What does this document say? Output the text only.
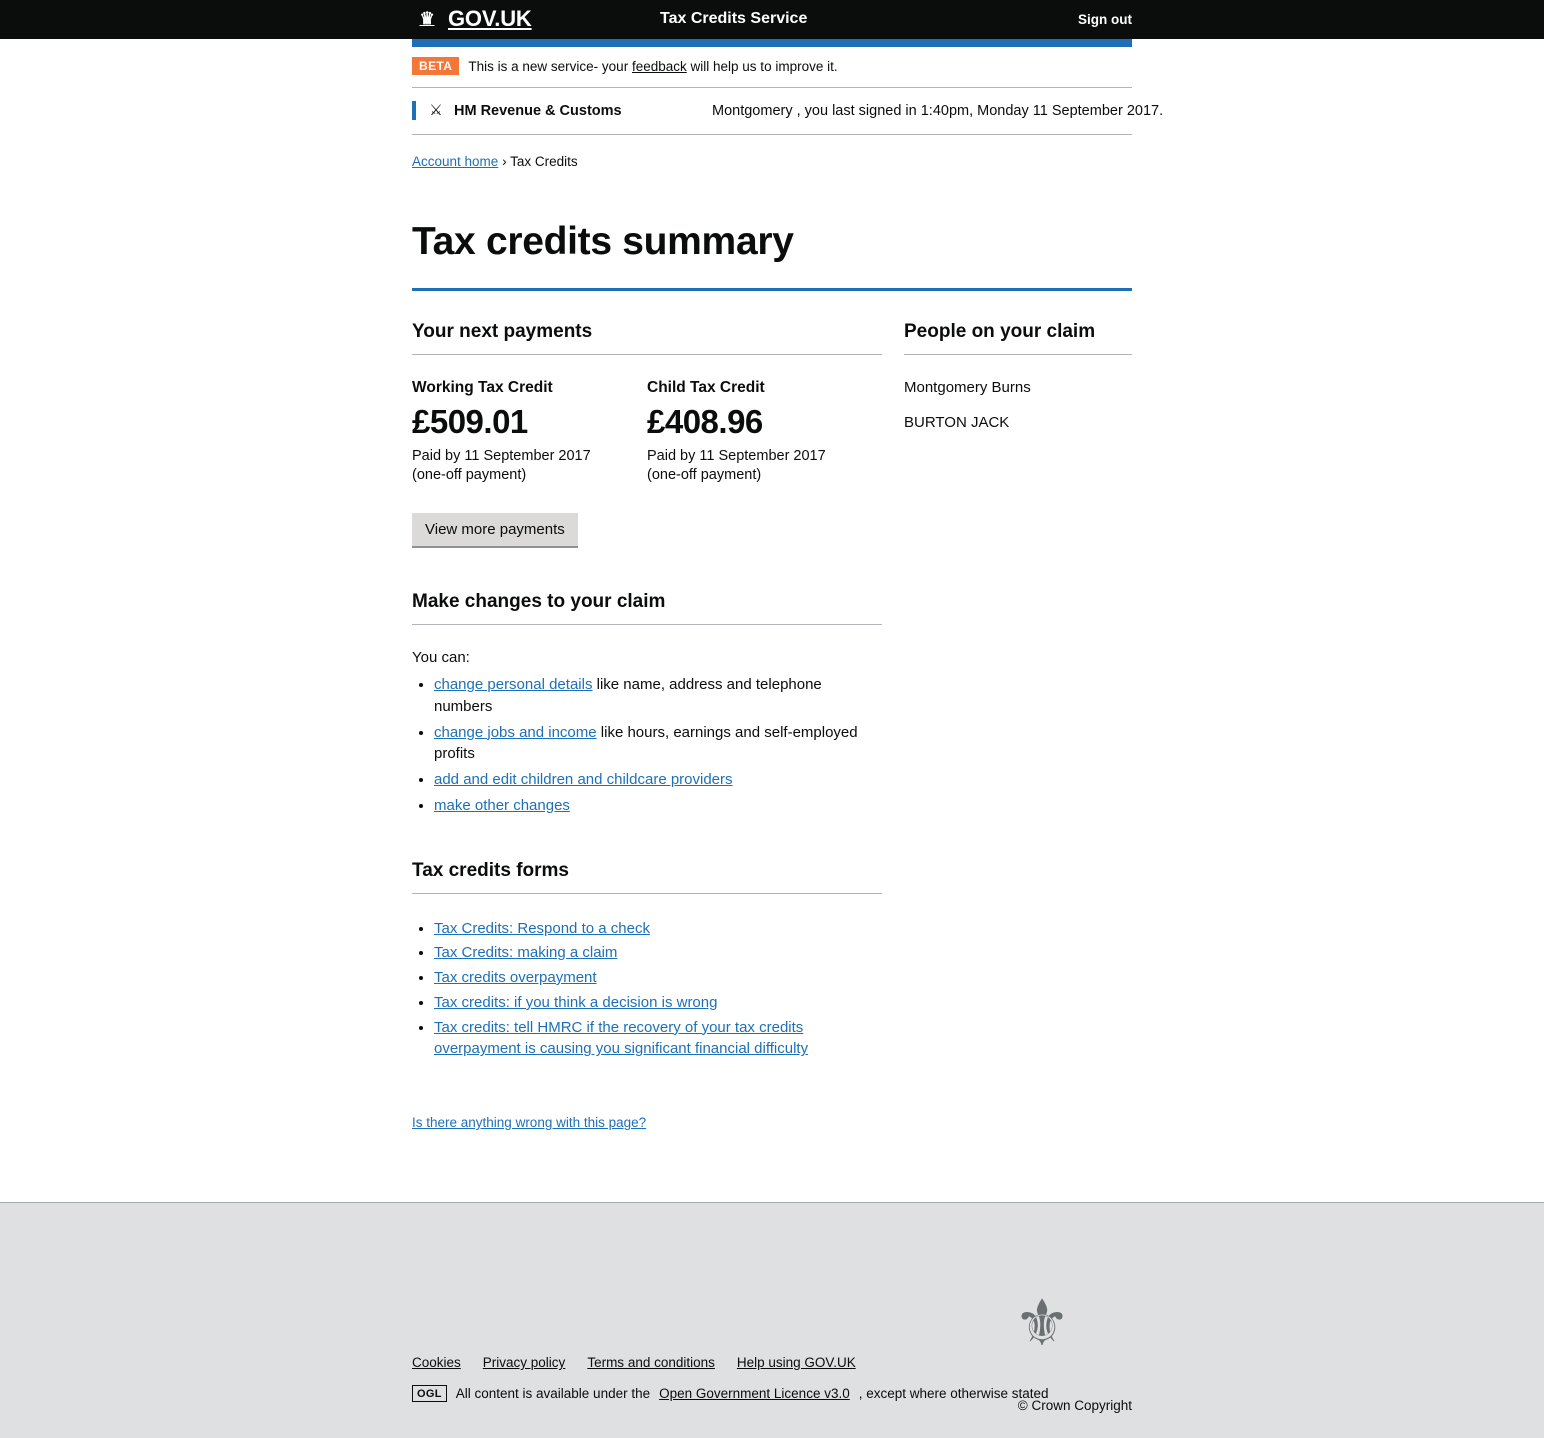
♛ GOV.UK	Tax Credits Service	Sign out
BETA	This is a new service- your feedback will help us to improve it.
⚔ HM Revenue & Customs	Montgomery , you last signed in 1:40pm, Monday 11 September 2017.
Account home › Tax Credits
Tax credits summary
Your next payments
Working Tax Credit
£509.01

Paid by 11 September 2017
(one-off payment)

Child Tax Credit
£408.96

Paid by 11 September 2017
(one-off payment)

View more payments
Make changes to your claim

You can:

• change personal details like name, address and telephone numbers
• change jobs and income like hours, earnings and self-employed profits
• add and edit children and childcare providers
• make other changes
Tax credits forms
• Tax Credits: Respond to a check
• Tax Credits: making a claim
• Tax credits overpayment
• Tax credits: if you think a decision is wrong
• Tax credits: tell HMRC if the recovery of your tax credits overpayment is causing you significant financial difficulty
Is there anything wrong with this page?
People on your claim

Montgomery Burns

BURTON JACK

Cookies Privacy policy Terms and conditions Help using GOV.UK
OGL	All content is available under the Open Government Licence v3.0 , except where otherwise stated
⚜
© Crown Copyright
